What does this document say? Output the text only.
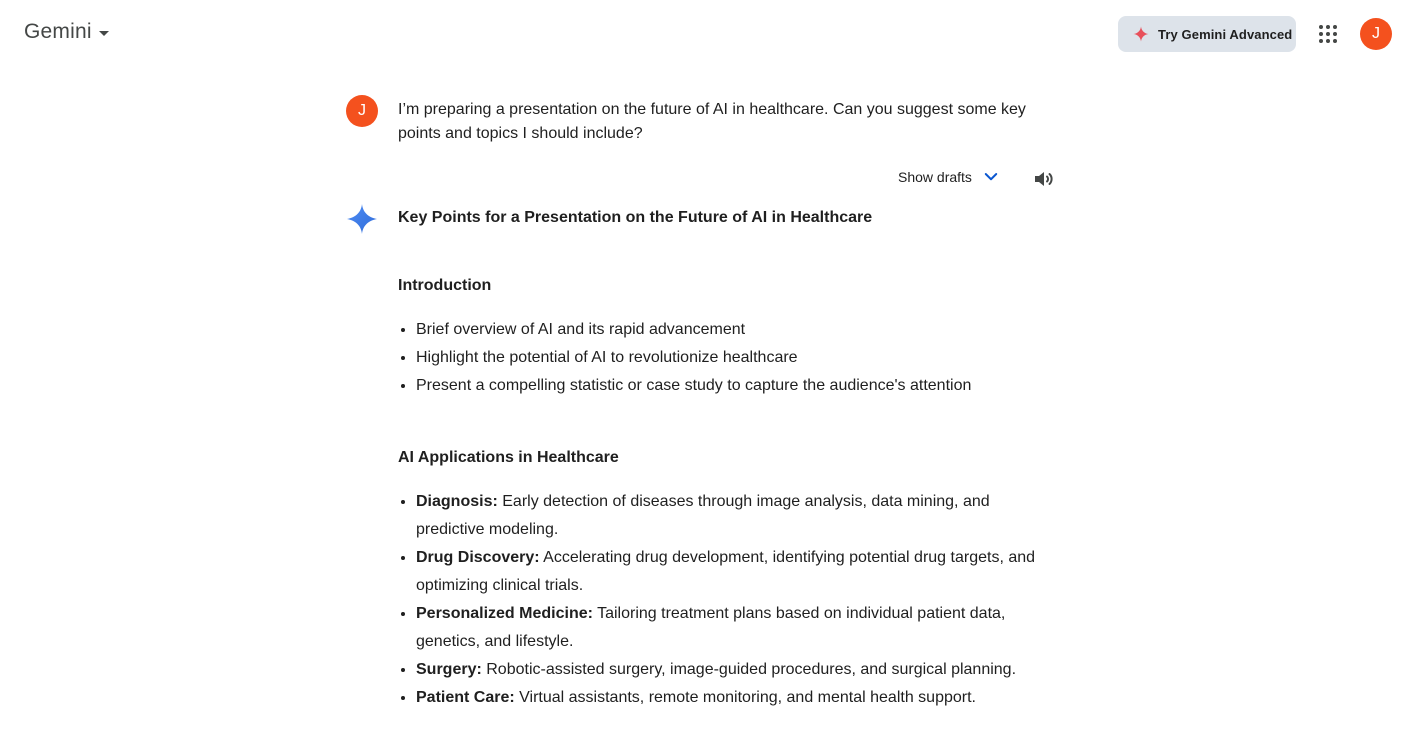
Gemini	Try Gemini Advanced	J
J I’m preparing a presentation on the future of AI in healthcare. Can you suggest some key points and topics I should include?
Show drafts
Key Points for a Presentation on the Future of AI in Healthcare
Introduction
• Brief overview of AI and its rapid advancement
• Highlight the potential of AI to revolutionize healthcare
• Present a compelling statistic or case study to capture the audience's attention
AI Applications in Healthcare
• Diagnosis: Early detection of diseases through image analysis, data mining, and predictive modeling.
• Drug Discovery: Accelerating drug development, identifying potential drug targets, and optimizing clinical trials.
• Personalized Medicine: Tailoring treatment plans based on individual patient data, genetics, and lifestyle.
• Surgery: Robotic-assisted surgery, image-guided procedures, and surgical planning.
• Patient Care: Virtual assistants, remote monitoring, and mental health support.
